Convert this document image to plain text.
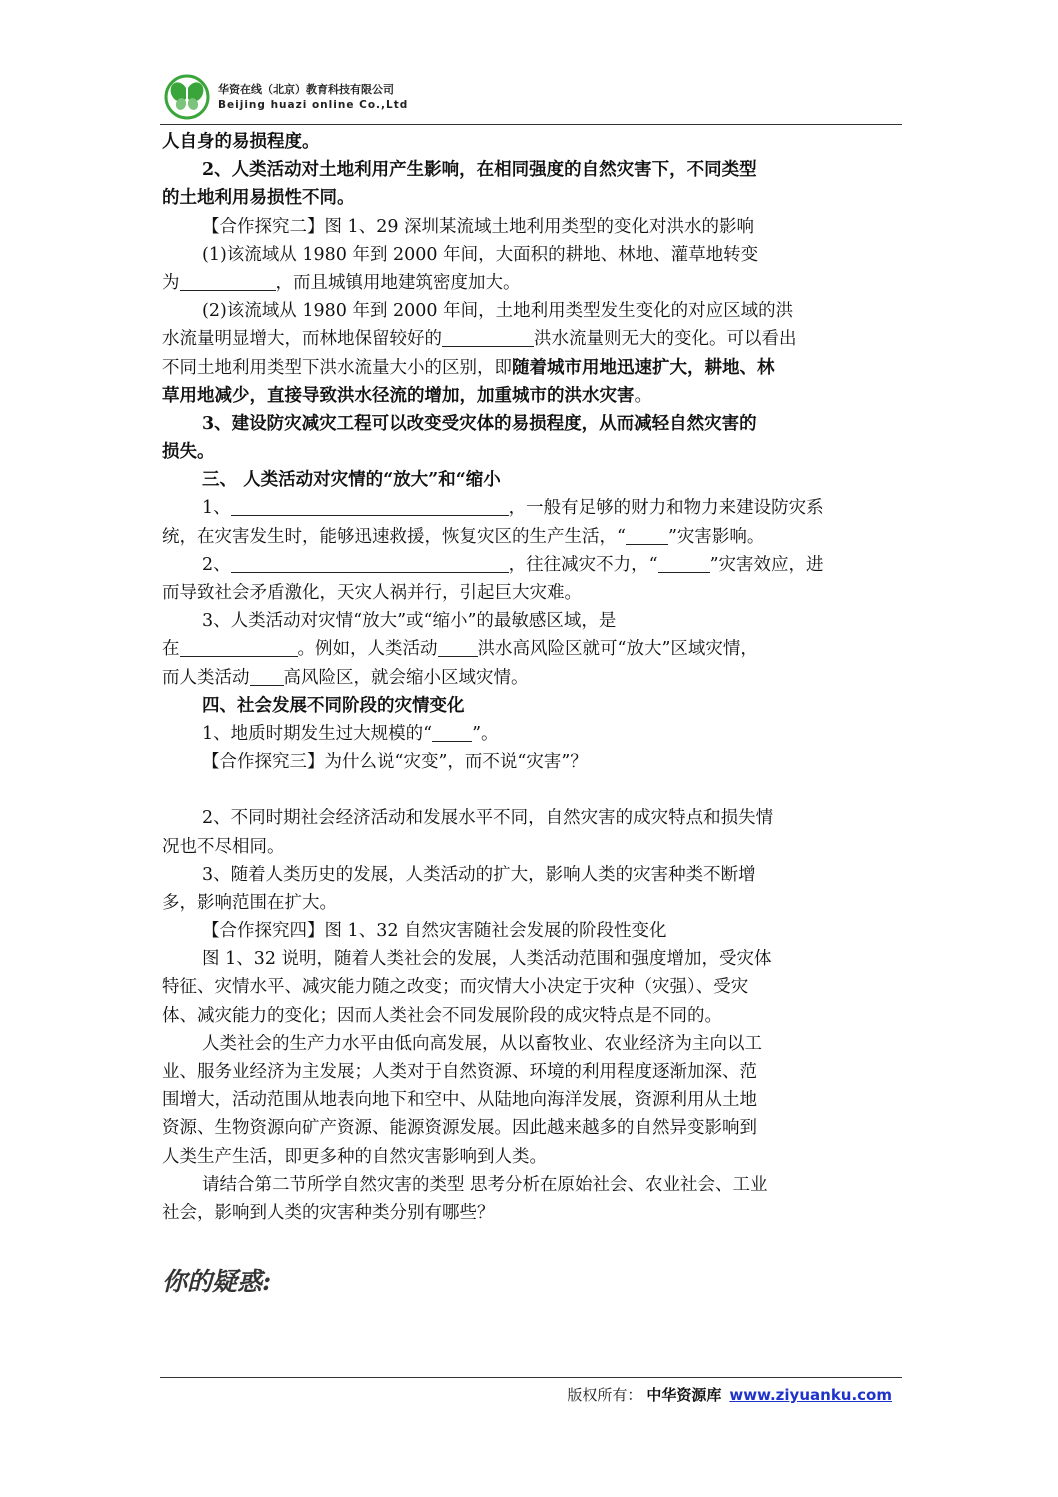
华资在线（北京）教育科技有限公司
Beijing huazi online Co.,Ltd
人自身的易损程度。
2、人类活动对土地利用产生影响，在相同强度的自然灾害下，不同类型
的土地利用易损性不同。
【合作探究二】图 1、29 深圳某流域土地利用类型的变化对洪水的影响
(1)该流域从 1980 年到 2000 年间，大面积的耕地、林地、灌草地转变
为	，而且城镇用地建筑密度加大。
(2)该流域从 1980 年到 2000 年间，土地利用类型发生变化的对应区域的洪
水流量明显增大，而林地保留较好的	洪水流量则无大的变化。可以看出
不同土地利用类型下洪水流量大小的区别，即随着城市用地迅速扩大，耕地、林
草用地减少，直接导致洪水径流的增加，加重城市的洪水灾害。
3、建设防灾减灾工程可以改变受灾体的易损程度，从而减轻自然灾害的
损失。
三、 人类活动对灾情的“放大”和“缩小
1、	，一般有足够的财力和物力来建设防灾系
统，在灾害发生时，能够迅速救援，恢复灾区的生产生活，“ ”灾害影响。
2、	，往往减灾不力，“	”灾害效应，进
而导致社会矛盾激化，天灾人祸并行，引起巨大灾难。
3、人类活动对灾情“放大”或“缩小”的最敏感区域，是
在	。例如，人类活动 洪水高风险区就可“放大”区域灾情，
而人类活动 高风险区，就会缩小区域灾情。
四、社会发展不同阶段的灾情变化
1、地质时期发生过大规模的“ ”。
【合作探究三】为什么说“灾变”，而不说“灾害”？
2、不同时期社会经济活动和发展水平不同，自然灾害的成灾特点和损失情
况也不尽相同。
3、随着人类历史的发展，人类活动的扩大，影响人类的灾害种类不断增
多，影响范围在扩大。
【合作探究四】图 1、32 自然灾害随社会发展的阶段性变化
图 1、32 说明，随着人类社会的发展，人类活动范围和强度增加，受灾体
特征、灾情水平、减灾能力随之改变；而灾情大小决定于灾种（灾强）、受灾
体、减灾能力的变化；因而人类社会不同发展阶段的成灾特点是不同的。
人类社会的生产力水平由低向高发展，从以畜牧业、农业经济为主向以工
业、服务业经济为主发展；人类对于自然资源、环境的利用程度逐渐加深、范
围增大，活动范围从地表向地下和空中、从陆地向海洋发展，资源利用从土地
资源、生物资源向矿产资源、能源资源发展。因此越来越多的自然异变影响到
人类生产生活，即更多种的自然灾害影响到人类。
请结合第二节所学自然灾害的类型 思考分析在原始社会、农业社会、工业
社会，影响到人类的灾害种类分别有哪些？
你的疑惑:
版权所有： 中华资源库 www.ziyuanku.com
